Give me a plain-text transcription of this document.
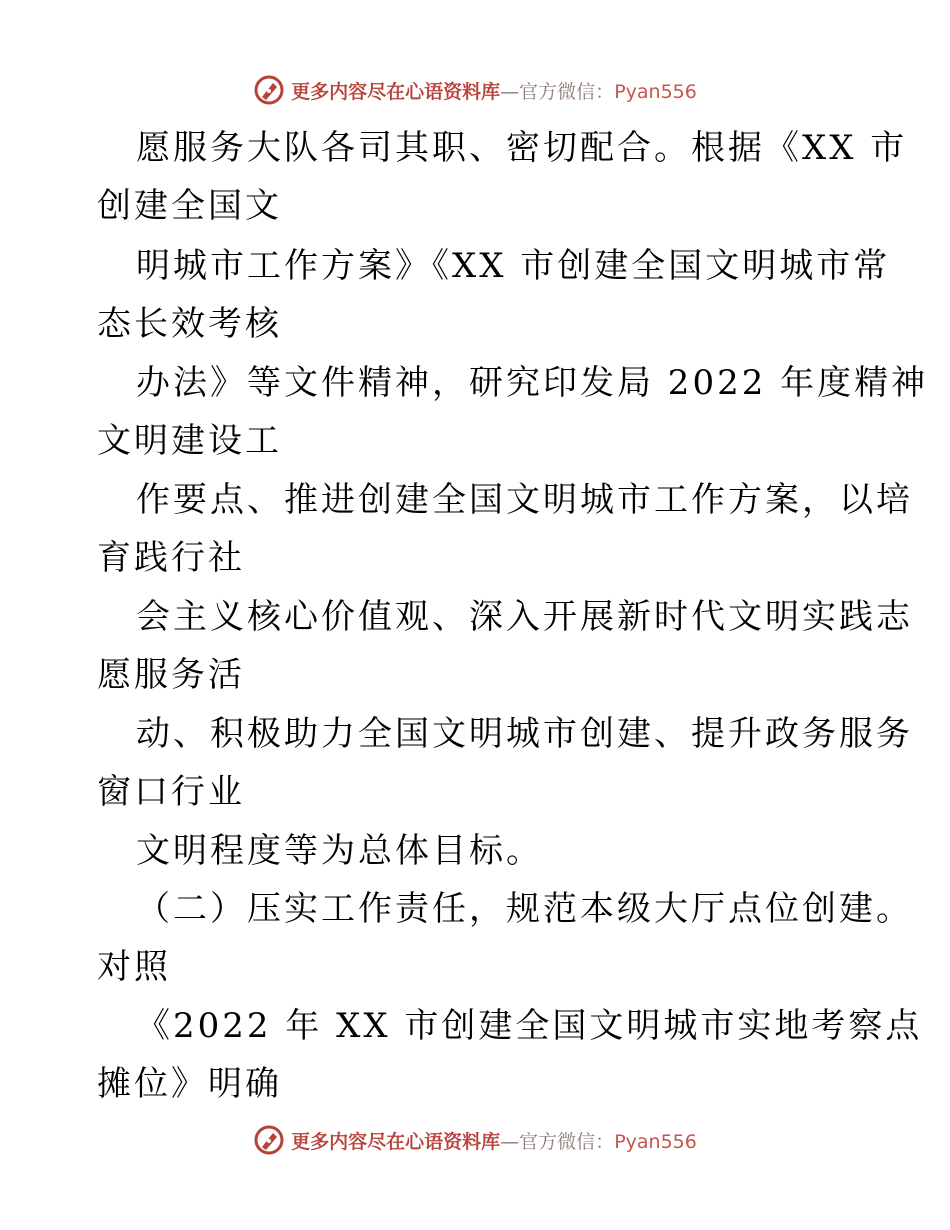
更多内容尽在心语资料库—官方微信：Pyan556
愿服务大队各司其职、密切配合。根据《XX 市
创建全国文
明城市工作方案》《XX 市创建全国文明城市常
态长效考核
办法》等文件精神，研究印发局 2022 年度精神
文明建设工
作要点、推进创建全国文明城市工作方案，以培
育践行社
会主义核心价值观、深入开展新时代文明实践志
愿服务活
动、积极助力全国文明城市创建、提升政务服务
窗口行业
文明程度等为总体目标。
（二）压实工作责任，规范本级大厅点位创建。
对照
《2022 年 XX 市创建全国文明城市实地考察点
摊位》明确
更多内容尽在心语资料库—官方微信：Pyan556
